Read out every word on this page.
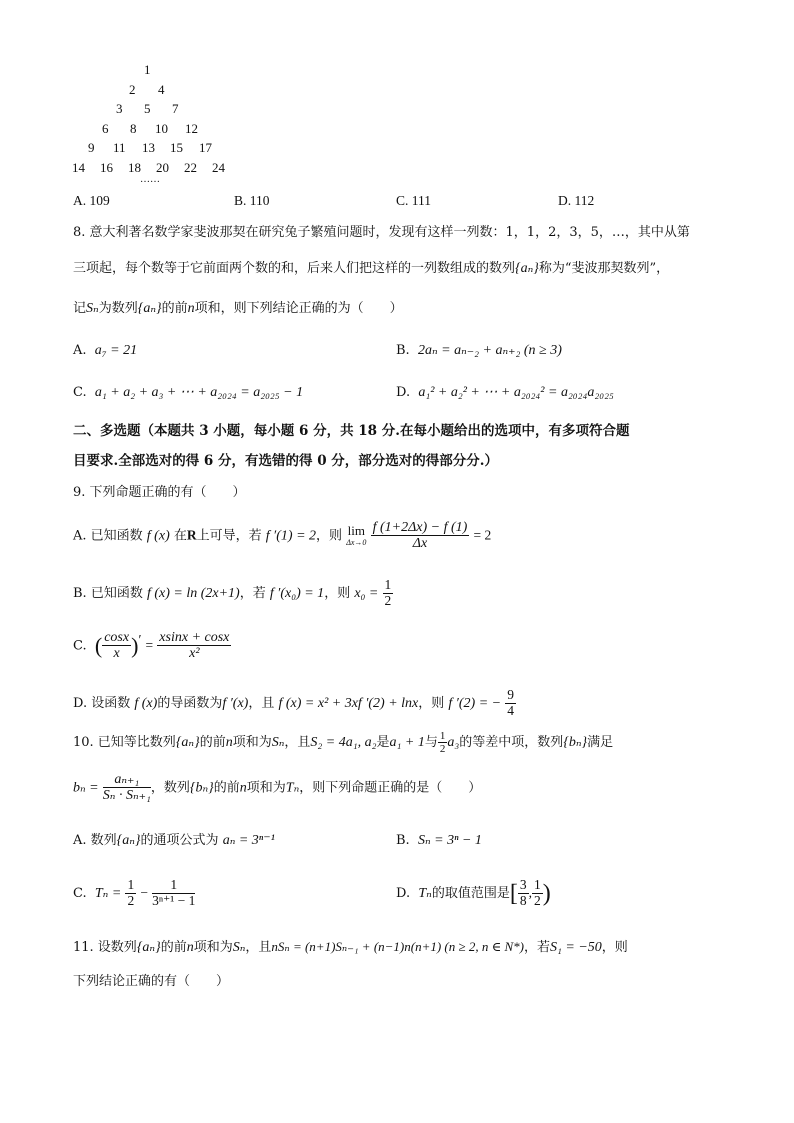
1
2 4
3 5 7
6 8 10 12
9 11 13 15 17
14 16 18 20 22 24
……
A. 109	B. 110	C. 111	D. 112
8. 意大利著名数学家斐波那契在研究兔子繁殖问题时，发现有这样一列数：1，1，2，3，5，…，其中从第
三项起，每个数等于它前面两个数的和，后来人们把这样的一列数组成的数列{aₙ}称为“斐波那契数列”，
记Sₙ为数列{aₙ}的前n项和，则下列结论正确的为（　　）
A. a₇ = 21	B. 2aₙ = aₙ₋₂ + aₙ₊₂ (n ≥ 3)
C. a₁ + a₂ + a₃ + ⋯ + a₂₀₂₄ = a₂₀₂₅ − 1	D. a₁² + a₂² + ⋯ + a₂₀₂₄² = a₂₀₂₄a₂₀₂₅
二、多选题（本题共 3 小题，每小题 6 分，共 18 分.在每小题给出的选项中，有多项符合题
目要求.全部选对的得 6 分，有选错的得 0 分，部分选对的得部分分.）
9. 下列命题正确的有（　　）
A. 已知函数 f (x) 在R上可导，若 f ′(1) = 2，则 lim
Δx→0
$\frac{f (1+2\Delta x) - f (1)}{\Delta x} = 2$
B. 已知函数 f (x) = ln (2x+1)，若 f ′(x₀) = 1，则 $x_0 = \frac{1}{2}$
C. ( $\frac{\cos x}{x} )' = \frac{xsinx + \cos x}{\text{x²}}$
D. 设函数 f (x)的导函数为f ′(x)，且 f (x) = x² + 3xf ′(2) + lnx，则 f ′(2) = − $\frac{9}{4}$
10. 已知等比数列{aₙ}的前n项和为Sₙ，且S₂ = 4a₁, a₂是a₁ + 1与 $\frac{1}{2} a_3$的等差中项，数列{bₙ}满足
$b_n = \frac{\text{aₙ₊₁}}{\text{Sₙ · Sₙ₊₁}}$ ，数列{bₙ}的前n项和为Tₙ，则下列命题正确的是（　　）
A. 数列{aₙ}的通项公式为 aₙ = 3ⁿ⁻¹	B. Sₙ = 3ⁿ − 1
C. $T_n = \frac{1}{2} - \frac{1}{\text{3ⁿ⁺¹ − 1}}$	D. Tₙ的取值范围是[ $\frac{3}{8}$ , $\frac{1}{2}$ )
11. 设数列{aₙ}的前n项和为Sₙ，且nSₙ = (n+1)Sₙ₋₁ + (n−1)n(n+1) (n ≥ 2, n ∈ N*)，若S₁ = −50，则
下列结论正确的有（　　）
